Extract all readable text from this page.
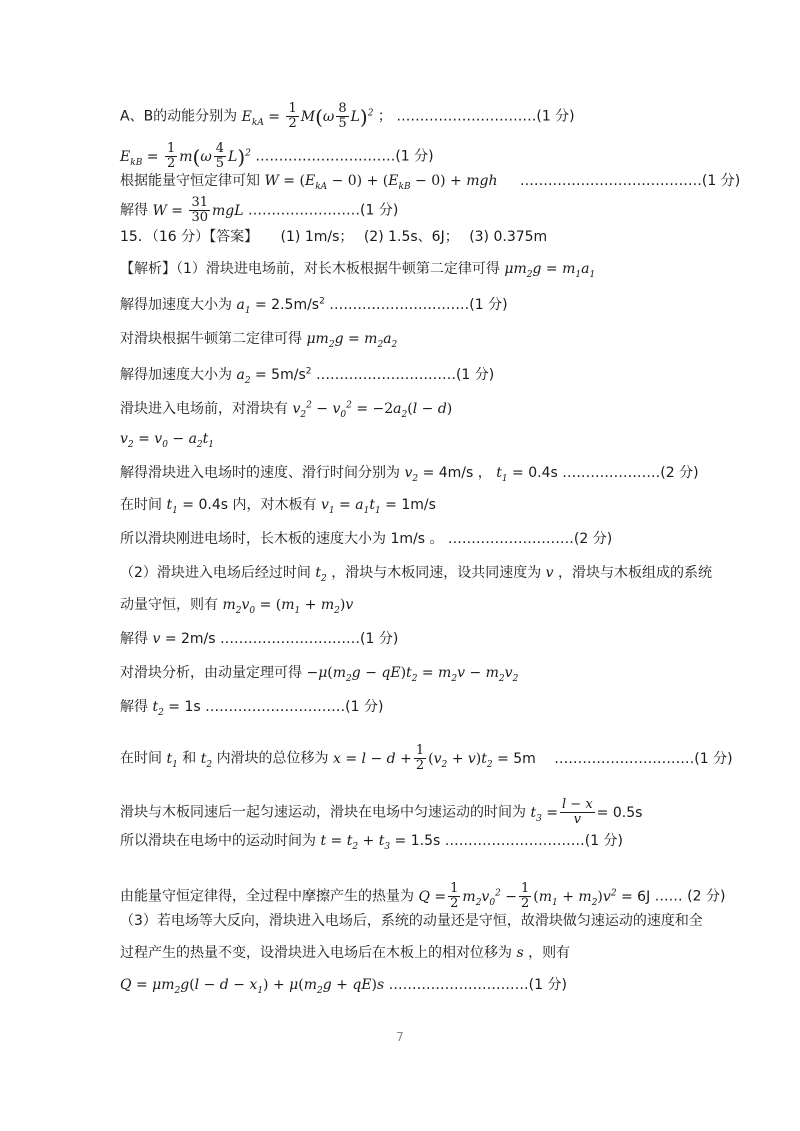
A、B的动能分别为 $E_{kA} = \frac{1}{2} M(\omega \frac{8}{5} L)^2$ ； …………………………(1 分)
$E_{kB} = \frac{1}{2} m(\omega \frac{4}{5} L)^2$ …………………………(1 分)
根据能量守恒定律可知 $W = (E_{kA} - 0) + (E_{kB} - 0)$ + mgh …………………………………(1 分)
解得 $W = \frac{31}{30}$ mgL ……………………(1 分)
15．（16 分）【答案】 (1) 1m/s； (2) 1.5s、6J； (3) 0.375m
【解析】（1）滑块进电场前，对长木板根据牛顿第二定律可得 $\mu m_2g = m_1a_1$
解得加速度大小为 $a_1 = 2.5m/s^2$ …………………………(1 分)
对滑块根据牛顿第二定律可得 $\mu m_2g = m_2a_2$
解得加速度大小为 $a_2 = 5m/s^2$ …………………………(1 分)
滑块进入电场前，对滑块有 $v_2^2 - v_0^2 = -2a_2(l - d)$
$v_2 = v_0 - a_2t_1$
解得滑块进入电场时的速度、滑行时间分别为 $v_2 = 4m/s$ ， $t_1 = 0.4s$ …………………(2 分)
在时间 $t_1 = 0.4s$ 内，对木板有 $v_1 = a_1t_1 = 1m/s$
所以滑块刚进电场时，长木板的速度大小为 1m/s 。 ………………………(2 分)
（2）滑块进入电场后经过时间 $t_2$ ，滑块与木板同速，设共同速度为 v ，滑块与木板组成的系统
动量守恒，则有 $m_2v_0 = (m_1 + m_2)v$
解得 v = 2m/s …………………………(1 分)
对滑块分析，由动量定理可得 $-\mu(m_2g - qE)t_2 = m_2v - m_2v_2$
解得 $t_2 = 1s$ …………………………(1 分)
在时间 $t_1$ 和 $t_2$ 内滑块的总位移为 $x = l - d + \frac{1}{2} (v_2 + v)t_2 = 5m$ …………………………(1 分)
滑块与木板同速后一起匀速运动，滑块在电场中匀速运动的时间为 $t_3 = \frac{l - x}{v} = 0.5s$
所以滑块在电场中的运动时间为 $t = t_2 + t_3 = 1.5s$ …………………………(1 分)
由能量守恒定律得，全过程中摩擦产生的热量为 $Q = \frac{1}{2} m_2v_0^2 - \frac{1}{2} (m_1 + m_2)v^2 = 6J$ …… (2 分)
（3）若电场等大反向，滑块进入电场后，系统的动量还是守恒，故滑块做匀速运动的速度和全
过程产生的热量不变，设滑块进入电场后在木板上的相对位移为 s ，则有
$Q = \mu m_2g(l - d - x_1) + \mu(m_2g + qE)s$ …………………………(1 分)
7
